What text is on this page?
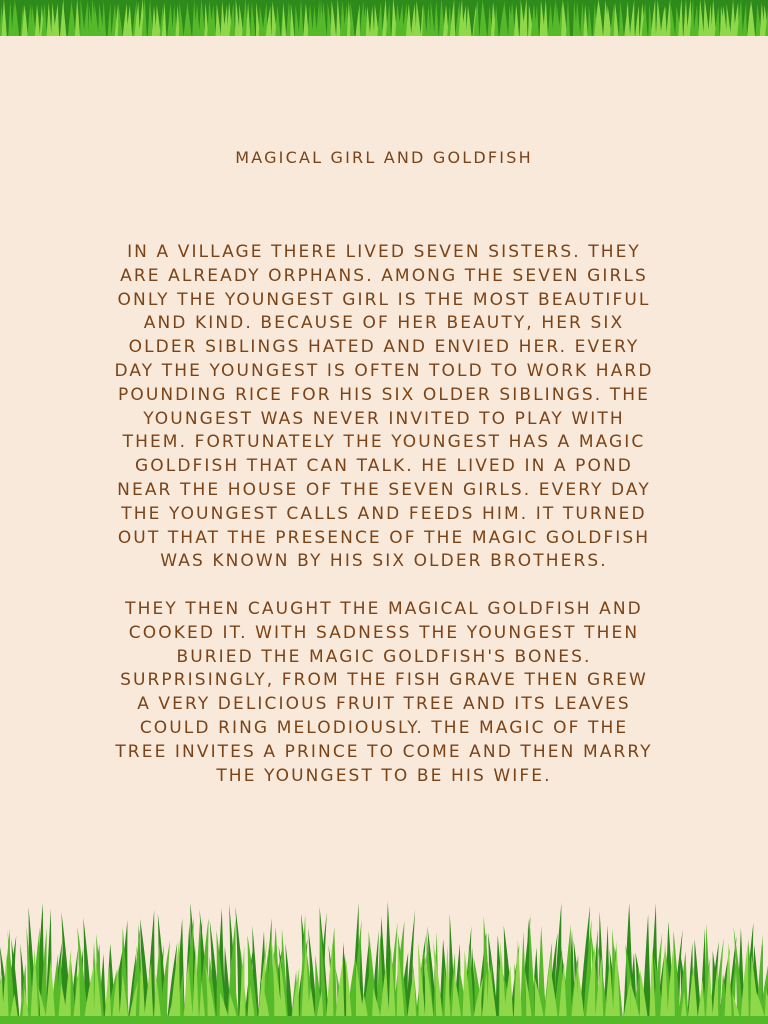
MAGICAL GIRL AND GOLDFISH
IN A VILLAGE THERE LIVED SEVEN SISTERS. THEY
ARE ALREADY ORPHANS. AMONG THE SEVEN GIRLS
ONLY THE YOUNGEST GIRL IS THE MOST BEAUTIFUL
AND KIND. BECAUSE OF HER BEAUTY, HER SIX
OLDER SIBLINGS HATED AND ENVIED HER. EVERY
DAY THE YOUNGEST IS OFTEN TOLD TO WORK HARD
POUNDING RICE FOR HIS SIX OLDER SIBLINGS. THE
YOUNGEST WAS NEVER INVITED TO PLAY WITH
THEM. FORTUNATELY THE YOUNGEST HAS A MAGIC
GOLDFISH THAT CAN TALK. HE LIVED IN A POND
NEAR THE HOUSE OF THE SEVEN GIRLS. EVERY DAY
THE YOUNGEST CALLS AND FEEDS HIM. IT TURNED
OUT THAT THE PRESENCE OF THE MAGIC GOLDFISH
WAS KNOWN BY HIS SIX OLDER BROTHERS.
THEY THEN CAUGHT THE MAGICAL GOLDFISH AND
COOKED IT. WITH SADNESS THE YOUNGEST THEN
BURIED THE MAGIC GOLDFISH'S BONES.
SURPRISINGLY, FROM THE FISH GRAVE THEN GREW
A VERY DELICIOUS FRUIT TREE AND ITS LEAVES
COULD RING MELODIOUSLY. THE MAGIC OF THE
TREE INVITES A PRINCE TO COME AND THEN MARRY
THE YOUNGEST TO BE HIS WIFE.
